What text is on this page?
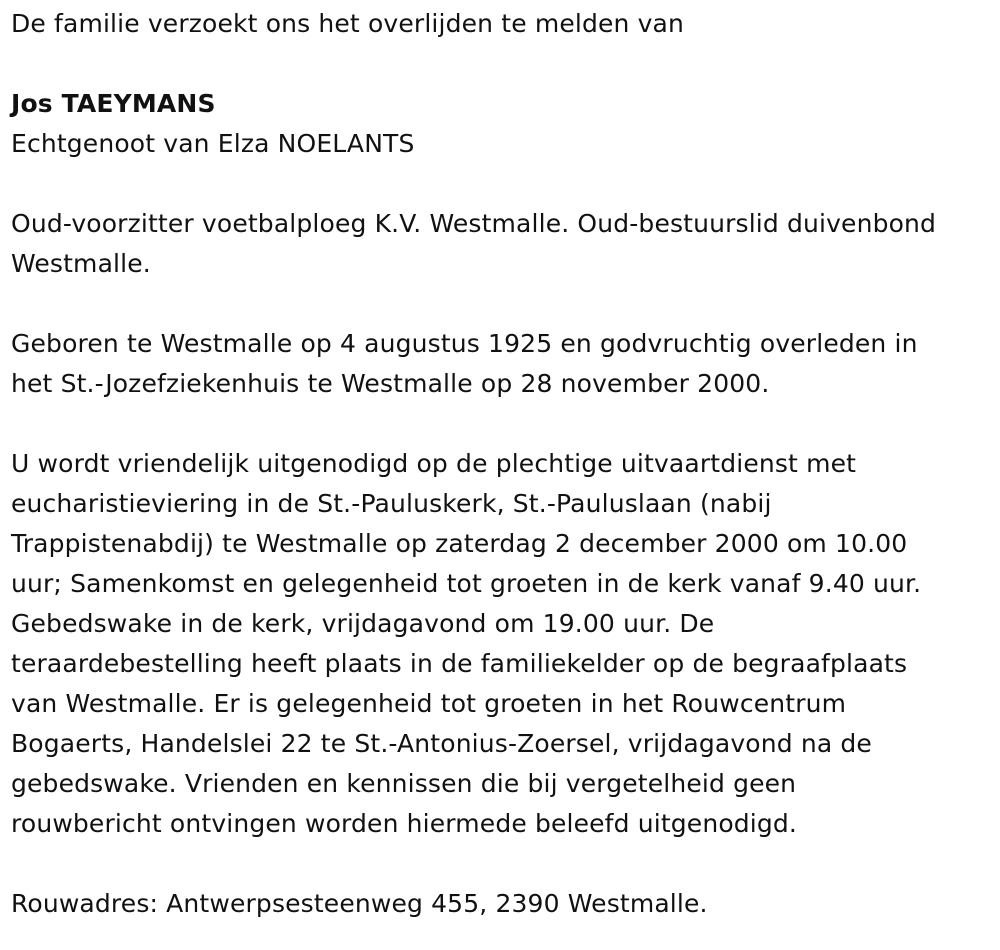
De familie verzoekt ons het overlijden te melden van
Jos TAEYMANS
Echtgenoot van Elza NOELANTS
Oud-voorzitter voetbalploeg K.V. Westmalle. Oud-bestuurslid duivenbond
Westmalle.
Geboren te Westmalle op 4 augustus 1925 en godvruchtig overleden in
het St.-Jozefziekenhuis te Westmalle op 28 november 2000.
U wordt vriendelijk uitgenodigd op de plechtige uitvaartdienst met
eucharistieviering in de St.-Pauluskerk, St.-Pauluslaan (nabij
Trappistenabdij) te Westmalle op zaterdag 2 december 2000 om 10.00
uur; Samenkomst en gelegenheid tot groeten in de kerk vanaf 9.40 uur.
Gebedswake in de kerk, vrijdagavond om 19.00 uur. De
teraardebestelling heeft plaats in de familiekelder op de begraafplaats
van Westmalle. Er is gelegenheid tot groeten in het Rouwcentrum
Bogaerts, Handelslei 22 te St.-Antonius-Zoersel, vrijdagavond na de
gebedswake. Vrienden en kennissen die bij vergetelheid geen
rouwbericht ontvingen worden hiermede beleefd uitgenodigd.
Rouwadres: Antwerpsesteenweg 455, 2390 Westmalle.
